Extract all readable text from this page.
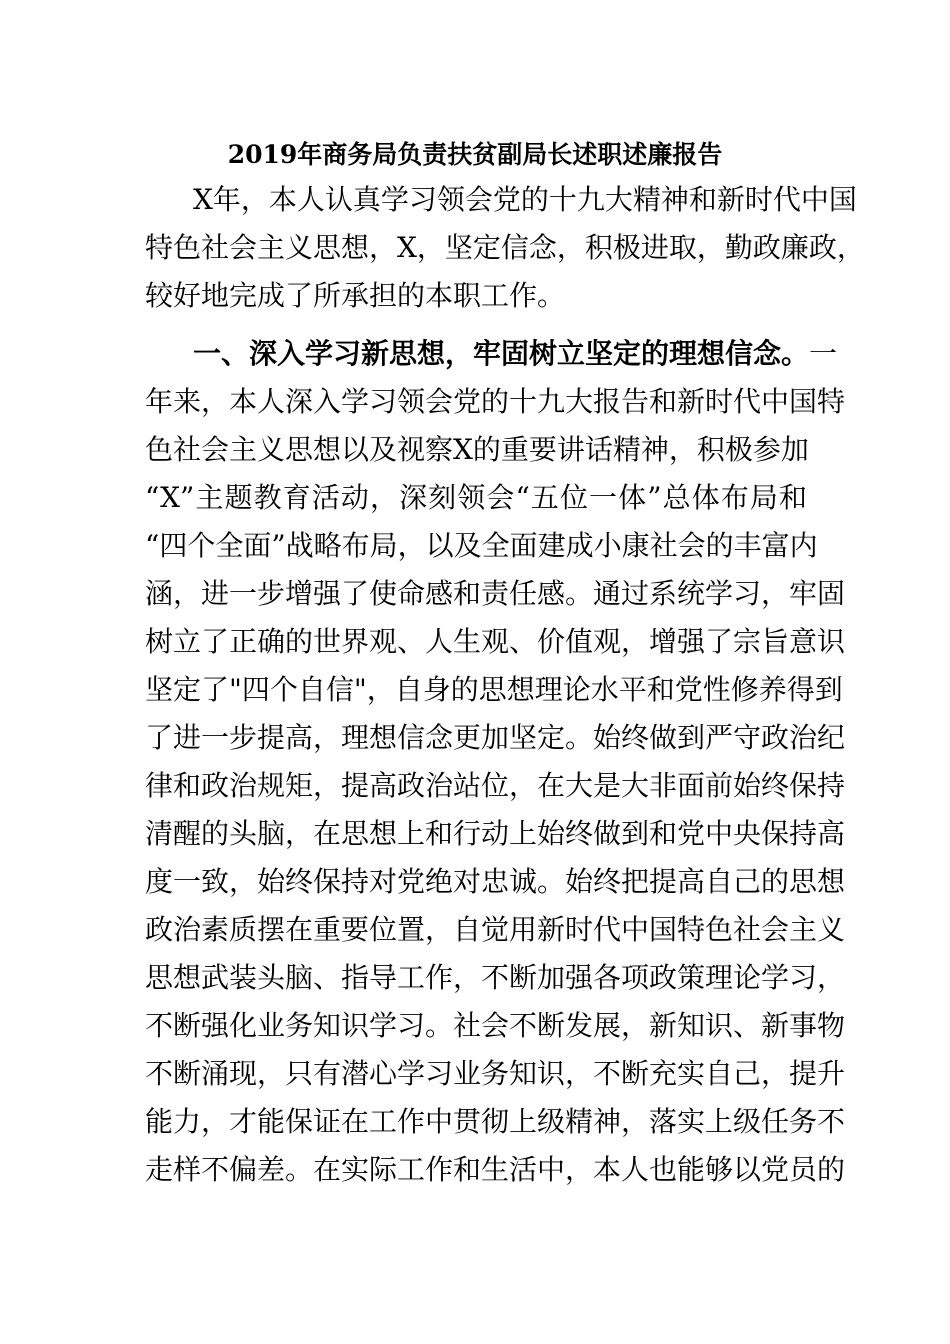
2019年商务局负责扶贫副局长述职述廉报告
X年，本人认真学习领会党的十九大精神和新时代中国
特色社会主义思想，X，坚定信念，积极进取，勤政廉政，
较好地完成了所承担的本职工作。
一、深入学习新思想，牢固树立坚定的理想信念。一
年来，本人深入学习领会党的十九大报告和新时代中国特
色社会主义思想以及视察X的重要讲话精神，积极参加
“X”主题教育活动，深刻领会“五位一体”总体布局和
“四个全面”战略布局，以及全面建成小康社会的丰富内
涵，进一步增强了使命感和责任感。通过系统学习，牢固
树立了正确的世界观、人生观、价值观，增强了宗旨意识
坚定了"四个自信"，自身的思想理论水平和党性修养得到
了进一步提高，理想信念更加坚定。始终做到严守政治纪
律和政治规矩，提高政治站位，在大是大非面前始终保持
清醒的头脑，在思想上和行动上始终做到和党中央保持高
度一致，始终保持对党绝对忠诚。始终把提高自己的思想
政治素质摆在重要位置，自觉用新时代中国特色社会主义
思想武装头脑、指导工作，不断加强各项政策理论学习，
不断强化业务知识学习。社会不断发展，新知识、新事物
不断涌现，只有潜心学习业务知识，不断充实自己，提升
能力，才能保证在工作中贯彻上级精神，落实上级任务不
走样不偏差。在实际工作和生活中，本人也能够以党员的
